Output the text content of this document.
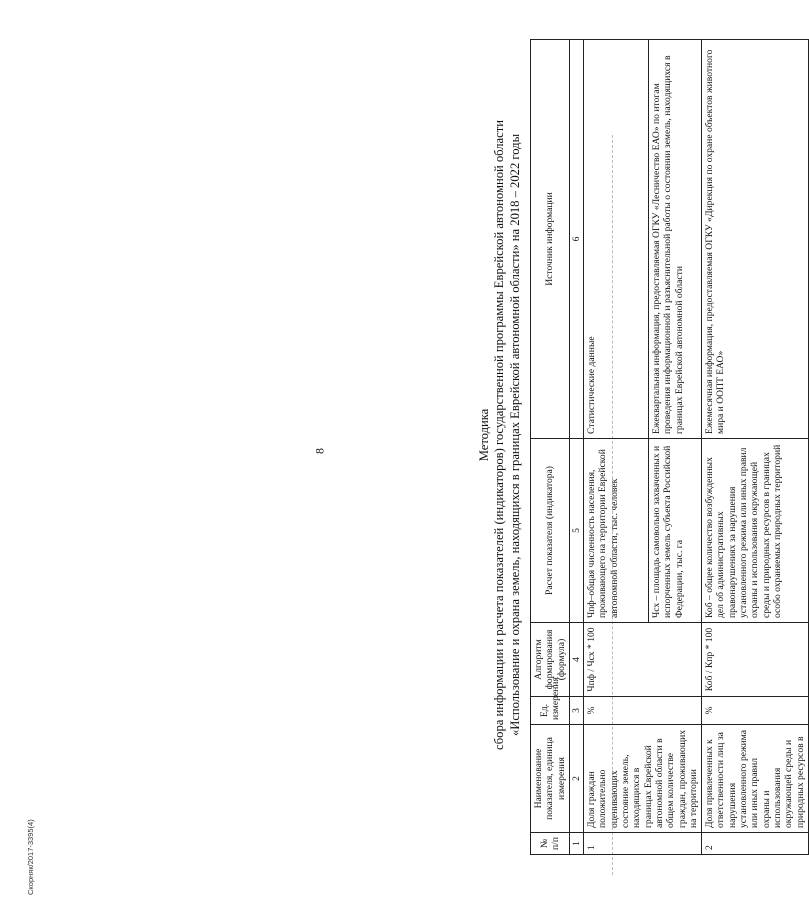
8
Скорняк/2017-3395(4)
Методика сбора информации и расчета показателей (индикаторов) государственной программы Еврейской автономной области «Использование и охрана земель, находящихся в границах Еврейской автономной области» на 2018 – 2022 годы
№ п/п	Наименование показателя, единица измерения	Ед. измерения	Алгоритм формирования (формула)	Расчет показателя (индикатора)	Источник информации
1	2	3	4	5	6
1	Доля граждан положительно оценивающих состояние земель, находящихся в границах Еврейской автономной области в общем количестве граждан, проживающих на территории	%	Чпф / Чсх * 100	Чпф–общая численность населения, проживающего на территории Еврейской автономной области, тыс. человек	Статистические данные
				Чсх – площадь самовольно захваченных и испорченных земель субъекта Российской Федерации, тыс. га	Ежеквартальная информация, предоставляемая ОГКУ «Лесничество ЕАО» по итогам проведения информационной и разъяснительной работы о состоянии земель, находящихся в границах Еврейской автономной области
2	Доля привлеченных к ответственности лиц за нарушения установленного режима или иных правил охраны и использования окружающей среды и природных ресурсов в	%	Коб / Кпр * 100	Коб – общее количество возбужденных дел об административных правонарушениях за нарушения установленного режима или иных правил охраны и использования окружающей среды и природных ресурсов в границах особо охраняемых природных территорий	Ежемесячная информация, предоставляемая ОГКУ «Дирекция по охране объектов животного мира и ООПТ ЕАО»
